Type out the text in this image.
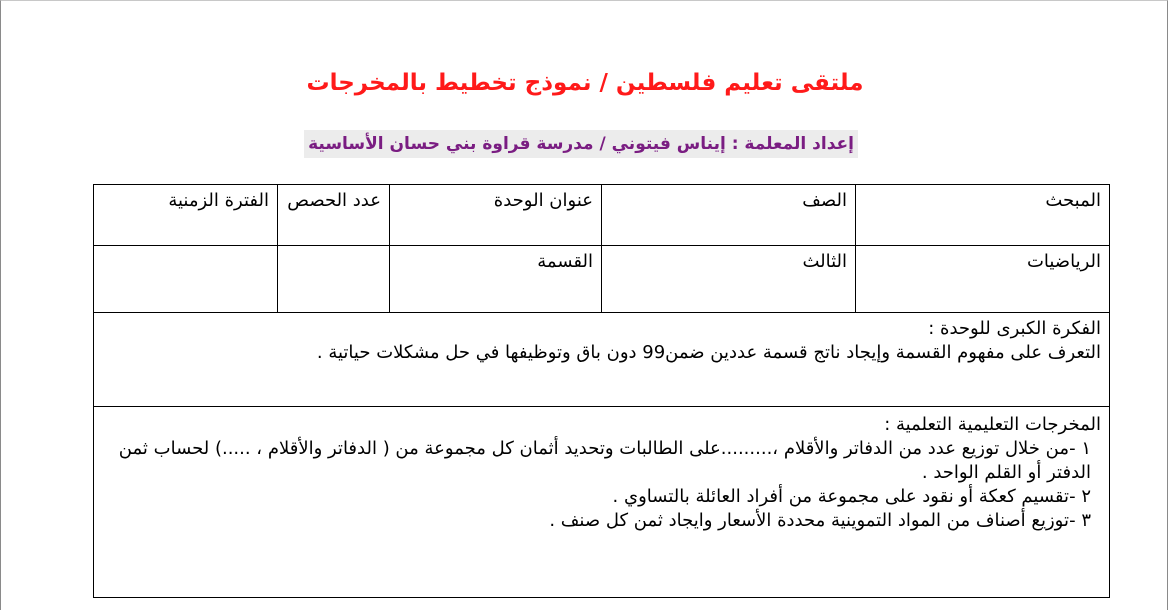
ملتقى تعليم فلسطين / نموذج تخطيط بالمخرجات
إعداد المعلمة : إيناس فيتوني / مدرسة قراوة بني حسان الأساسية
المبحث	الصف	عنوان الوحدة	عدد الحصص	الفترة الزمنية
الرياضيات	الثالث	القسمة		

الفكرة الكبرى للوحدة :
التعرف على مفهوم القسمة وإيجاد ناتج قسمة عددين ضمن99 دون باق وتوظيفها في حل مشكلات حياتية .				

المخرجات التعليمية التعلمية :
١ -من خلال توزيع عدد من الدفاتر والأقلام ،.........على الطالبات وتحديد أثمان كل مجموعة من ( الدفاتر والأقلام ، .....) لحساب ثمن الدفتر أو القلم الواحد .
٢ -تقسيم كعكة أو نقود على مجموعة من أفراد العائلة بالتساوي .
٣ -توزيع أصناف من المواد التموينية محددة الأسعار وايجاد ثمن كل صنف .				
